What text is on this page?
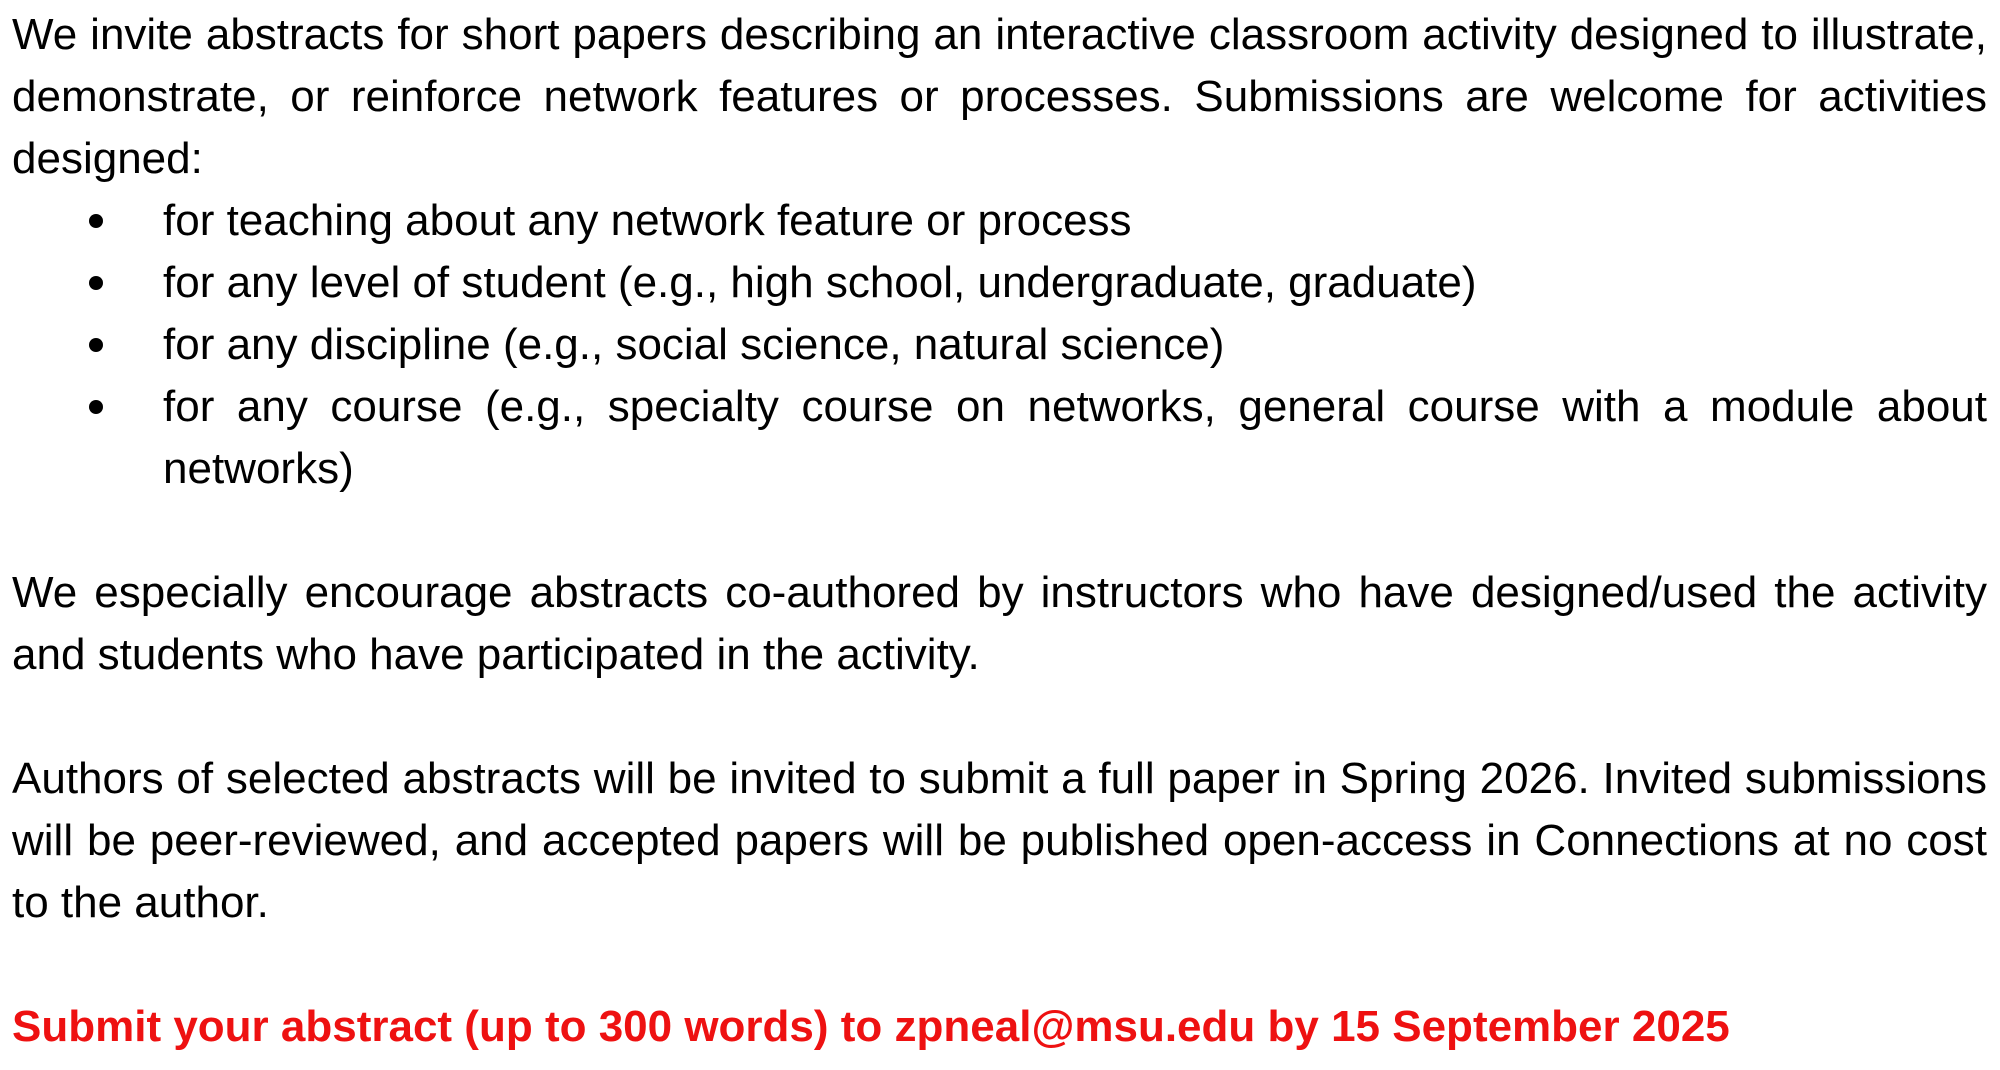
We invite abstracts for short papers describing an interactive classroom activity designed to illustrate, demonstrate, or reinforce network features or processes. Submissions are welcome for activities designed:

for teaching about any network feature or process
for any level of student (e.g., high school, undergraduate, graduate)
for any discipline (e.g., social science, natural science)
for any course (e.g., specialty course on networks, general course with a module about networks)

We especially encourage abstracts co-authored by instructors who have designed/used the activity and students who have participated in the activity.

Authors of selected abstracts will be invited to submit a full paper in Spring 2026. Invited submissions will be peer-reviewed, and accepted papers will be published open-access in Connections at no cost to the author.

Submit your abstract (up to 300 words) to zpneal@msu.edu by 15 September 2025
